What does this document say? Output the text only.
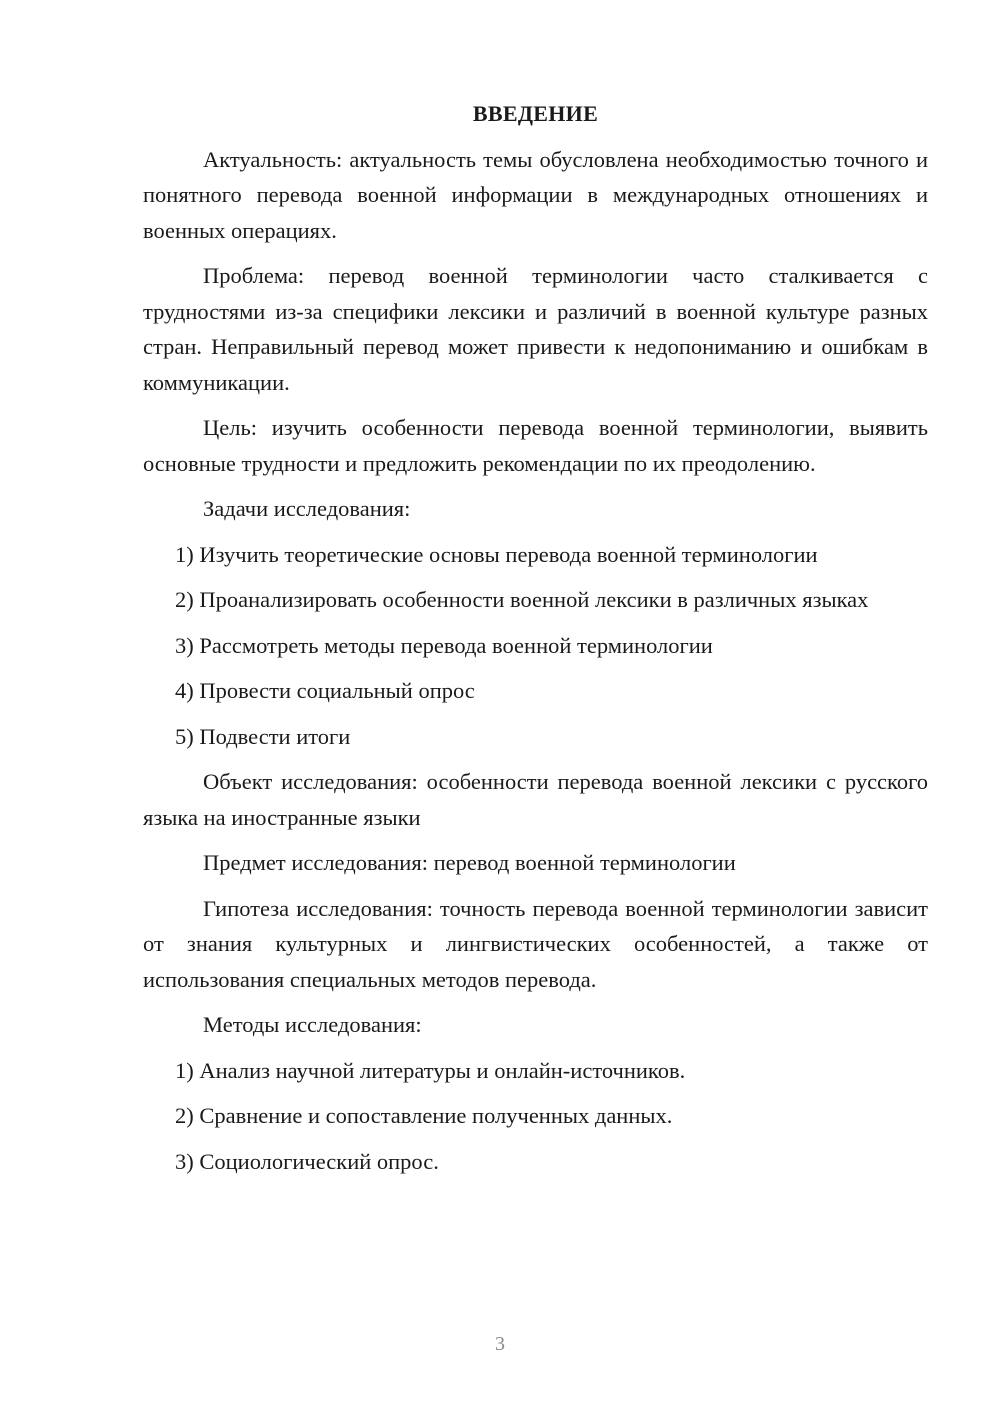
ВВЕДЕНИЕ

Актуальность: актуальность темы обусловлена необходимостью точного и понятного перевода военной информации в международных отношениях и военных операциях.

Проблема: перевод военной терминологии часто сталкивается с трудностями из-за специфики лексики и различий в военной культуре разных стран. Неправильный перевод может привести к недопониманию и ошибкам в коммуникации.

Цель: изучить особенности перевода военной терминологии, выявить основные трудности и предложить рекомендации по их преодолению.

Задачи исследования:

1) Изучить теоретические основы перевода военной терминологии

2) Проанализировать особенности военной лексики в различных языках

3) Рассмотреть методы перевода военной терминологии

4) Провести социальный опрос

5) Подвести итоги

Объект исследования: особенности перевода военной лексики с русского языка на иностранные языки

Предмет исследования: перевод военной терминологии

Гипотеза исследования: точность перевода военной терминологии зависит от знания культурных и лингвистических особенностей, а также от использования специальных методов перевода.

Методы исследования:

1) Анализ научной литературы и онлайн-источников.

2) Сравнение и сопоставление полученных данных.

3) Социологический опрос.

3
